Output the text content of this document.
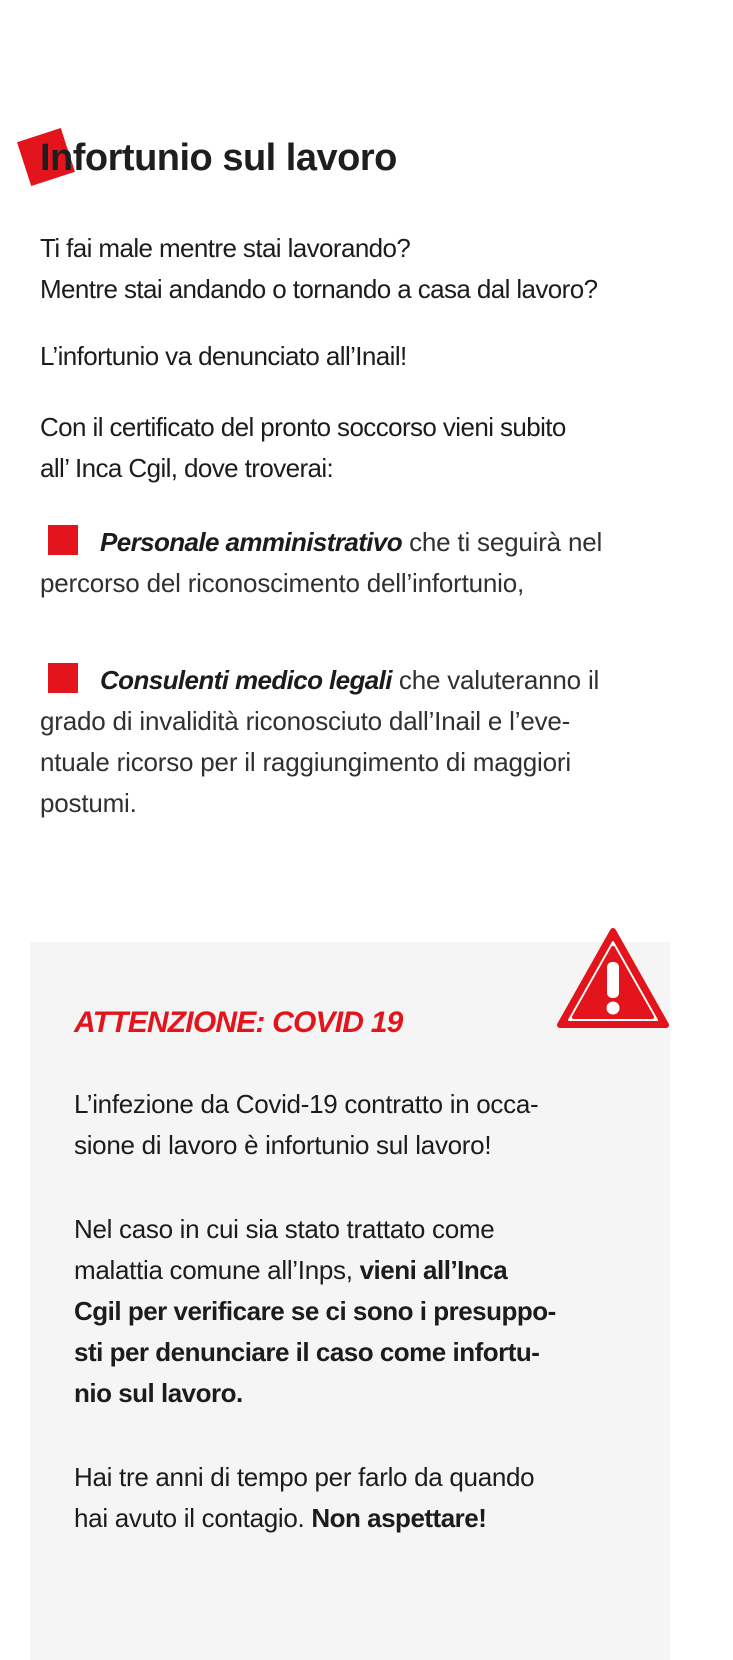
Infortunio sul lavoro

Ti fai male mentre stai lavorando?
Mentre stai andando o tornando a casa dal lavoro?

L’infortunio va denunciato all’Inail!

Con il certificato del pronto soccorso vieni subito
all’ Inca Cgil, dove troverai:

Personale amministrativo che ti seguirà nel
percorso del riconoscimento dell’infortunio,

Consulenti medico legali che valuteranno il
grado di invalidità riconosciuto dall’Inail e l’eve-
ntuale ricorso per il raggiungimento di maggiori
postumi.

ATTENZIONE: COVID 19

L’infezione da Covid-19 contratto in occa-
sione di lavoro è infortunio sul lavoro!

Nel caso in cui sia stato trattato come
malattia comune all’Inps, vieni all’Inca
Cgil per verificare se ci sono i presuppo-
sti per denunciare il caso come infortu-
nio sul lavoro.

Hai tre anni di tempo per farlo da quando
hai avuto il contagio. Non aspettare!
